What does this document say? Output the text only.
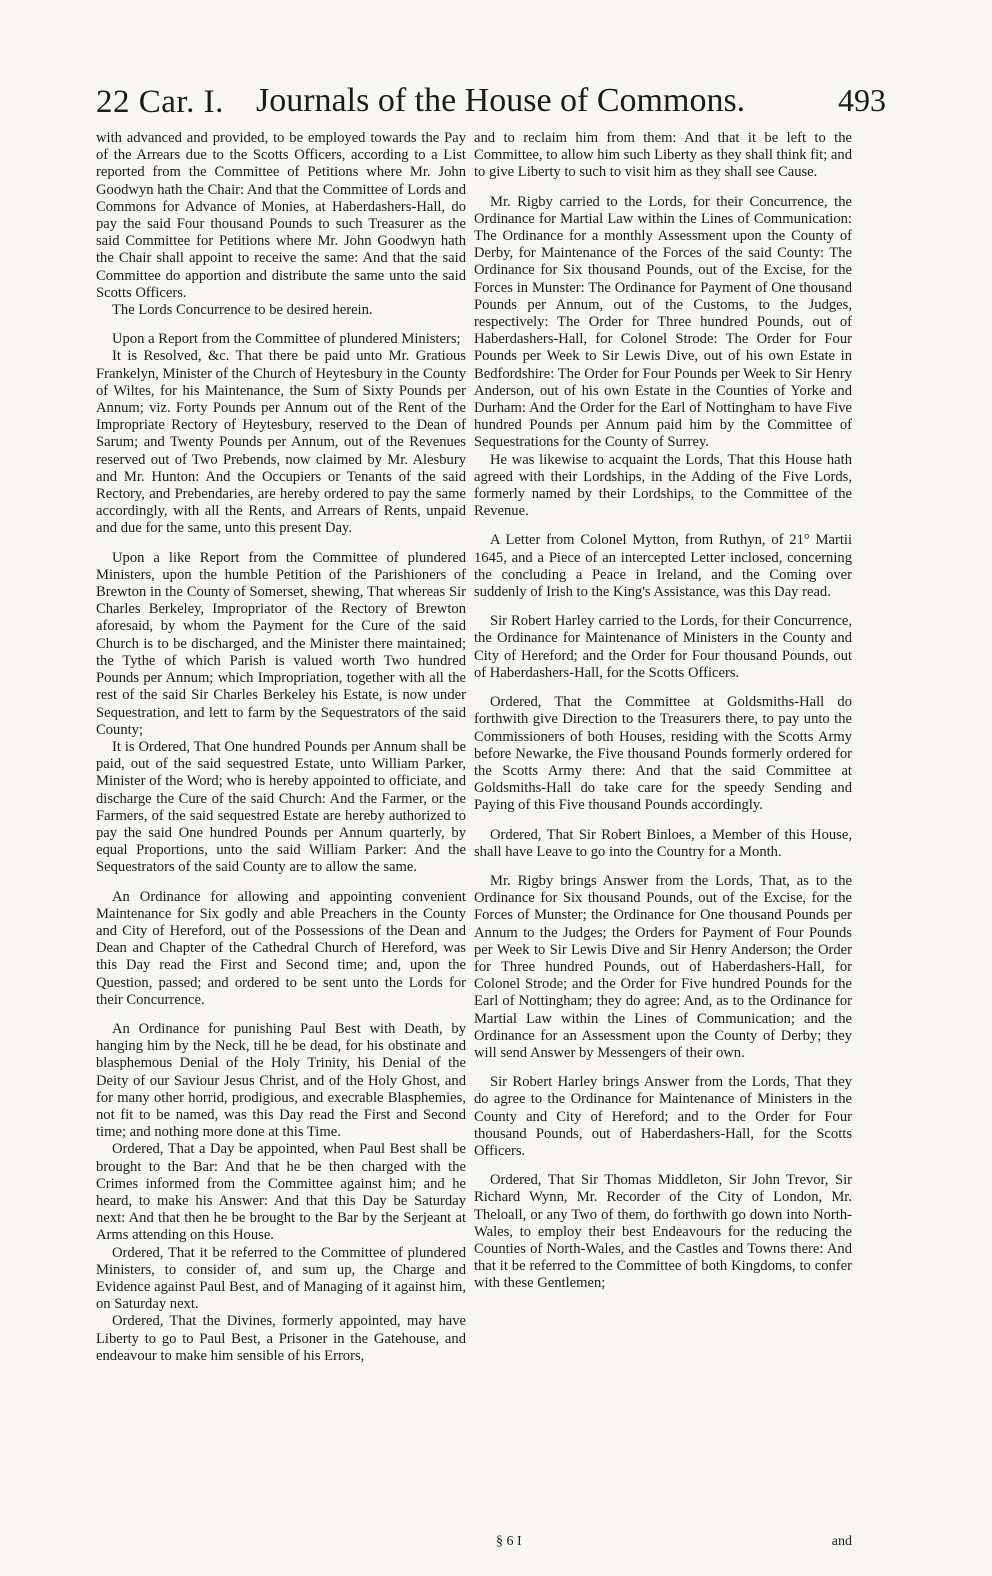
22 Car. I. Journals of the House of Commons.	493

with advanced and provided, to be employed towards the Pay of the Arrears due to the Scotts Officers, according to a List reported from the Committee of Petitions where Mr. John Goodwyn hath the Chair: And that the Committee of Lords and Commons for Advance of Monies, at Haberdashers-Hall, do pay the said Four thousand Pounds to such Treasurer as the said Committee for Petitions where Mr. John Goodwyn hath the Chair shall appoint to receive the same: And that the said Committee do apportion and distribute the same unto the said Scotts Officers.

The Lords Concurrence to be desired herein.

Upon a Report from the Committee of plundered Ministers;

It is Resolved, &c. That there be paid unto Mr. Gratious Frankelyn, Minister of the Church of Heytesbury in the County of Wiltes, for his Maintenance, the Sum of Sixty Pounds per Annum; viz. Forty Pounds per Annum out of the Rent of the Impropriate Rectory of Heytesbury, reserved to the Dean of Sarum; and Twenty Pounds per Annum, out of the Revenues reserved out of Two Prebends, now claimed by Mr. Alesbury and Mr. Hunton: And the Occupiers or Tenants of the said Rectory, and Prebendaries, are hereby ordered to pay the same accordingly, with all the Rents, and Arrears of Rents, unpaid and due for the same, unto this present Day.

Upon a like Report from the Committee of plundered Ministers, upon the humble Petition of the Parishioners of Brewton in the County of Somerset, shewing, That whereas Sir Charles Berkeley, Impropriator of the Rectory of Brewton aforesaid, by whom the Payment for the Cure of the said Church is to be discharged, and the Minister there maintained; the Tythe of which Parish is valued worth Two hundred Pounds per Annum; which Impropriation, together with all the rest of the said Sir Charles Berkeley his Estate, is now under Sequestration, and lett to farm by the Sequestrators of the said County;

It is Ordered, That One hundred Pounds per Annum shall be paid, out of the said sequestred Estate, unto William Parker, Minister of the Word; who is hereby appointed to officiate, and discharge the Cure of the said Church: And the Farmer, or the Farmers, of the said sequestred Estate are hereby authorized to pay the said One hundred Pounds per Annum quarterly, by equal Proportions, unto the said William Parker: And the Sequestrators of the said County are to allow the same.

An Ordinance for allowing and appointing convenient Maintenance for Six godly and able Preachers in the County and City of Hereford, out of the Possessions of the Dean and Dean and Chapter of the Cathedral Church of Hereford, was this Day read the First and Second time; and, upon the Question, passed; and ordered to be sent unto the Lords for their Concurrence.

An Ordinance for punishing Paul Best with Death, by hanging him by the Neck, till he be dead, for his obstinate and blasphemous Denial of the Holy Trinity, his Denial of the Deity of our Saviour Jesus Christ, and of the Holy Ghost, and for many other horrid, prodigious, and execrable Blasphemies, not fit to be named, was this Day read the First and Second time; and nothing more done at this Time.

Ordered, That a Day be appointed, when Paul Best shall be brought to the Bar: And that he be then charged with the Crimes informed from the Committee against him; and he heard, to make his Answer: And that this Day be Saturday next: And that then he be brought to the Bar by the Serjeant at Arms attending on this House.

Ordered, That it be referred to the Committee of plundered Ministers, to consider of, and sum up, the Charge and Evidence against Paul Best, and of Managing of it against him, on Saturday next.

Ordered, That the Divines, formerly appointed, may have Liberty to go to Paul Best, a Prisoner in the Gatehouse, and endeavour to make him sensible of his Errors,

and to reclaim him from them: And that it be left to the Committee, to allow him such Liberty as they shall think fit; and to give Liberty to such to visit him as they shall see Cause.

Mr. Rigby carried to the Lords, for their Concurrence, the Ordinance for Martial Law within the Lines of Communication: The Ordinance for a monthly Assessment upon the County of Derby, for Maintenance of the Forces of the said County: The Ordinance for Six thousand Pounds, out of the Excise, for the Forces in Munster: The Ordinance for Payment of One thousand Pounds per Annum, out of the Customs, to the Judges, respectively: The Order for Three hundred Pounds, out of Haberdashers-Hall, for Colonel Strode: The Order for Four Pounds per Week to Sir Lewis Dive, out of his own Estate in Bedfordshire: The Order for Four Pounds per Week to Sir Henry Anderson, out of his own Estate in the Counties of Yorke and Durham: And the Order for the Earl of Nottingham to have Five hundred Pounds per Annum paid him by the Committee of Sequestrations for the County of Surrey.

He was likewise to acquaint the Lords, That this House hath agreed with their Lordships, in the Adding of the Five Lords, formerly named by their Lordships, to the Committee of the Revenue.

A Letter from Colonel Mytton, from Ruthyn, of 21° Martii 1645, and a Piece of an intercepted Letter inclosed, concerning the concluding a Peace in Ireland, and the Coming over suddenly of Irish to the King's Assistance, was this Day read.

Sir Robert Harley carried to the Lords, for their Concurrence, the Ordinance for Maintenance of Ministers in the County and City of Hereford; and the Order for Four thousand Pounds, out of Haberdashers-Hall, for the Scotts Officers.

Ordered, That the Committee at Goldsmiths-Hall do forthwith give Direction to the Treasurers there, to pay unto the Commissioners of both Houses, residing with the Scotts Army before Newarke, the Five thousand Pounds formerly ordered for the Scotts Army there: And that the said Committee at Goldsmiths-Hall do take care for the speedy Sending and Paying of this Five thousand Pounds accordingly.

Ordered, That Sir Robert Binloes, a Member of this House, shall have Leave to go into the Country for a Month.

Mr. Rigby brings Answer from the Lords, That, as to the Ordinance for Six thousand Pounds, out of the Excise, for the Forces of Munster; the Ordinance for One thousand Pounds per Annum to the Judges; the Orders for Payment of Four Pounds per Week to Sir Lewis Dive and Sir Henry Anderson; the Order for Three hundred Pounds, out of Haberdashers-Hall, for Colonel Strode; and the Order for Five hundred Pounds for the Earl of Nottingham; they do agree: And, as to the Ordinance for Martial Law within the Lines of Communication; and the Ordinance for an Assessment upon the County of Derby; they will send Answer by Messengers of their own.

Sir Robert Harley brings Answer from the Lords, That they do agree to the Ordinance for Maintenance of Ministers in the County and City of Hereford; and to the Order for Four thousand Pounds, out of Haberdashers-Hall, for the Scotts Officers.

Ordered, That Sir Thomas Middleton, Sir John Trevor, Sir Richard Wynn, Mr. Recorder of the City of London, Mr. Theloall, or any Two of them, do forthwith go down into North-Wales, to employ their best Endeavours for the reducing the Counties of North-Wales, and the Castles and Towns there: And that it be referred to the Committee of both Kingdoms, to confer with these Gentlemen;

§ 6 I	and
